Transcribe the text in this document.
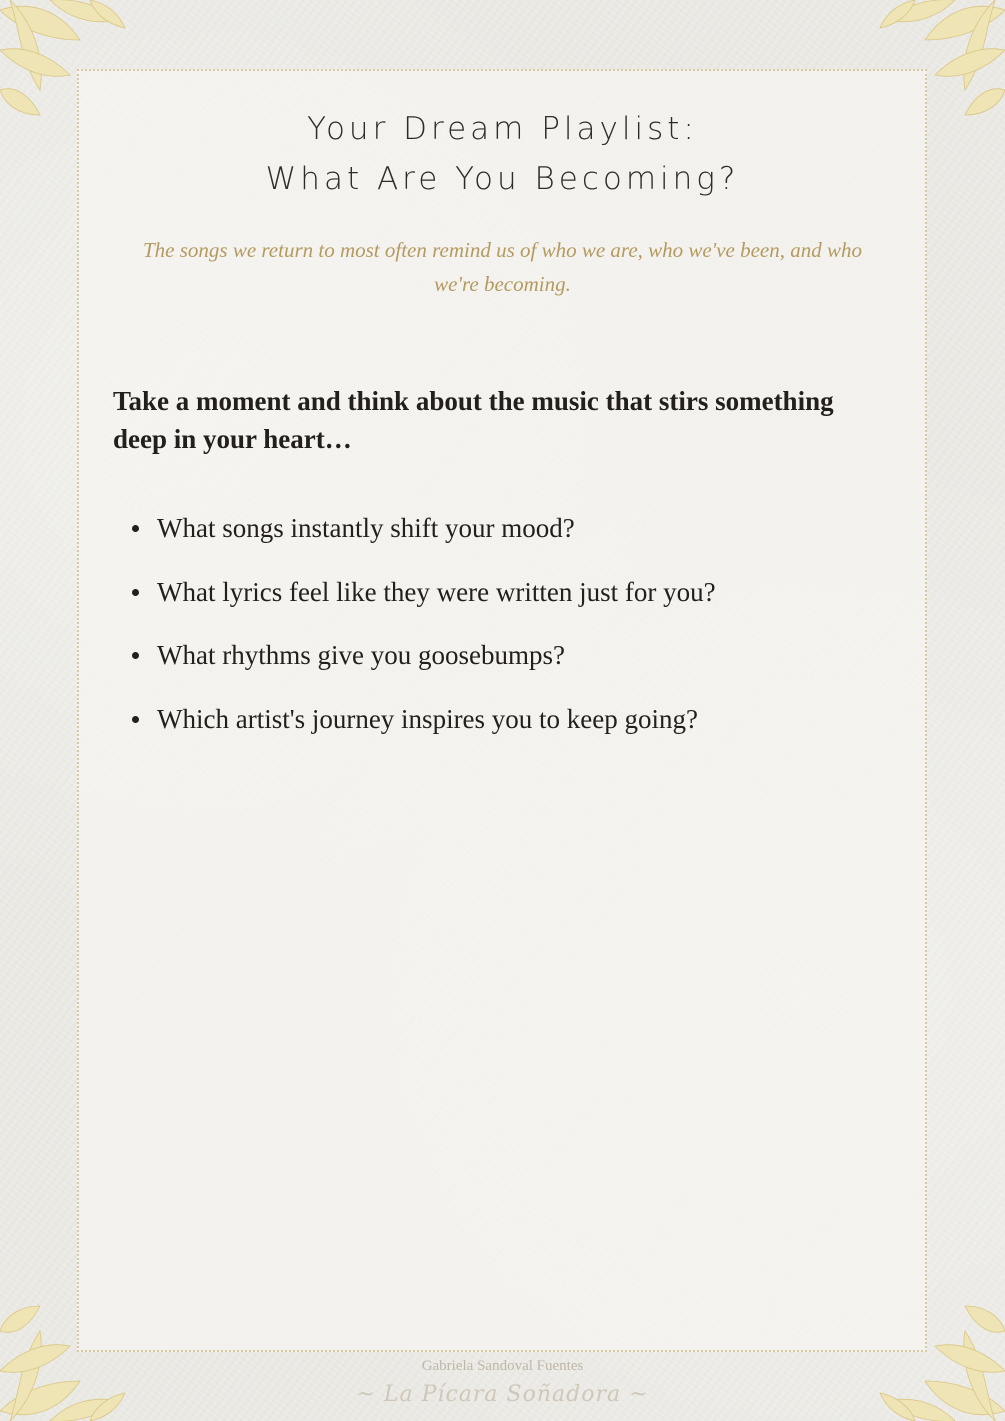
Your Dream Playlist:
What Are You Becoming?

The songs we return to most often remind us of who we are, who we've been, and who we're becoming.

Take a moment and think about the music that stirs something deep in your heart…

What songs instantly shift your mood?
What lyrics feel like they were written just for you?
What rhythms give you goosebumps?
Which artist's journey inspires you to keep going?
Gabriela Sandoval Fuentes
~ La Pícara Soñadora ~
